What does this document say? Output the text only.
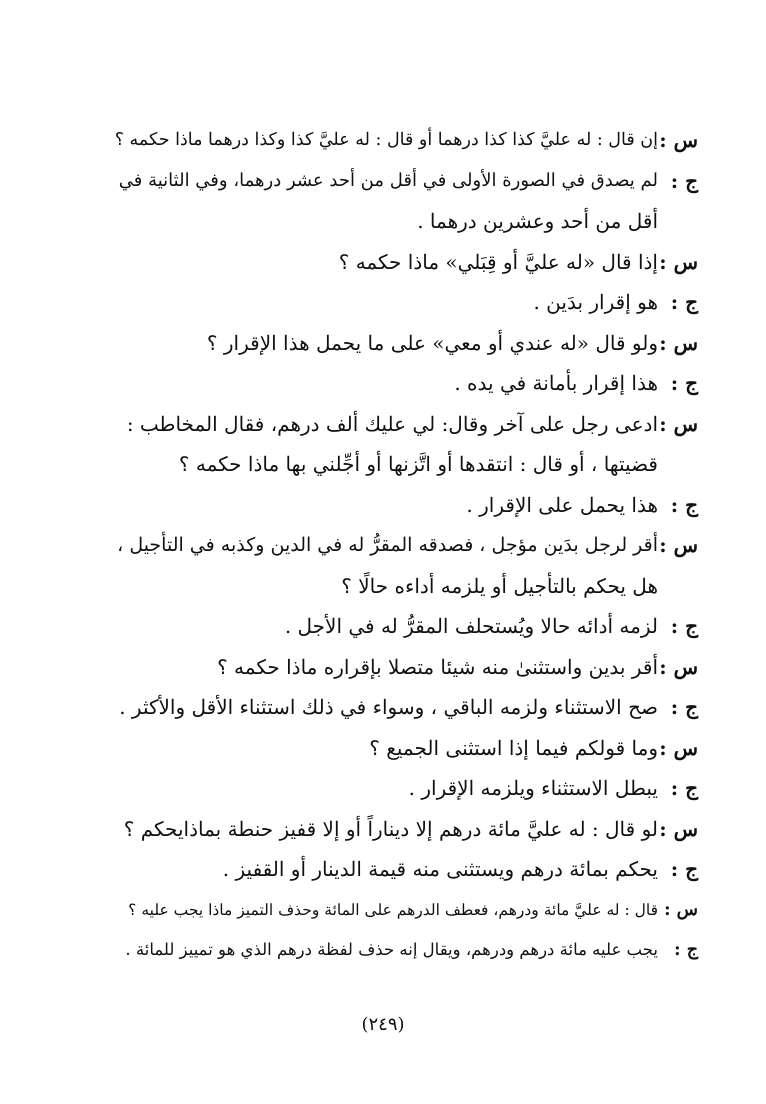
س :
إن قال : له عليَّ كذا كذا درهما أو قال : له عليَّ كذا وكذا درهما ماذا حكمه ؟
ج :
لم يصدق في الصورة الأولى في أقل من أحد عشر درهما، وفي الثانية في
أقل من أحد وعشرين درهما .
س :
إذا قال «له عليَّ أو قِبَلي» ماذا حكمه ؟
ج :
هو إقرار بدَين .
س :
ولو قال «له عندي أو معي» على ما يحمل هذا الإقرار ؟
ج :
هذا إقرار بأمانة في يده .
س :
ادعى رجل على آخر وقال: لي عليك ألف درهم، فقال المخاطب :
قضيتها ، أو قال : انتقدها أو اتَّزنها أو أجِّلني بها ماذا حكمه ؟
ج :
هذا يحمل على الإقرار .
س :
أقر لرجل بدَين مؤجل ، فصدقه المقرُّ له في الدين وكذبه في التأجيل ،
هل يحكم بالتأجيل أو يلزمه أداءه حالًا ؟
ج :
لزمه أدائه حالا ويُستحلف المقرُّ له في الأجل .
س :
أقر بدين واستثنىٰ منه شيئا متصلا بإقراره ماذا حكمه ؟
ج :
صح الاستثناء ولزمه الباقي ، وسواء في ذلك استثناء الأقل والأكثر .
س :
وما قولكم فيما إذا استثنى الجميع ؟
ج :
يبطل الاستثناء ويلزمه الإقرار .
س :
لو قال : له عليَّ مائة درهم إلا ديناراً أو إلا قفيز حنطة بماذايحكم ؟
ج :
يحكم بمائة درهم ويستثنى منه قيمة الدينار أو القفيز .
س :
قال : له عليَّ مائة ودرهم، فعطف الدرهم على المائة وحذف التميز ماذا يجب عليه ؟
ج :
يجب عليه مائة درهم ودرهم، ويقال إنه حذف لفظة درهم الذي هو تمييز للمائة .
(٢٤٩)
